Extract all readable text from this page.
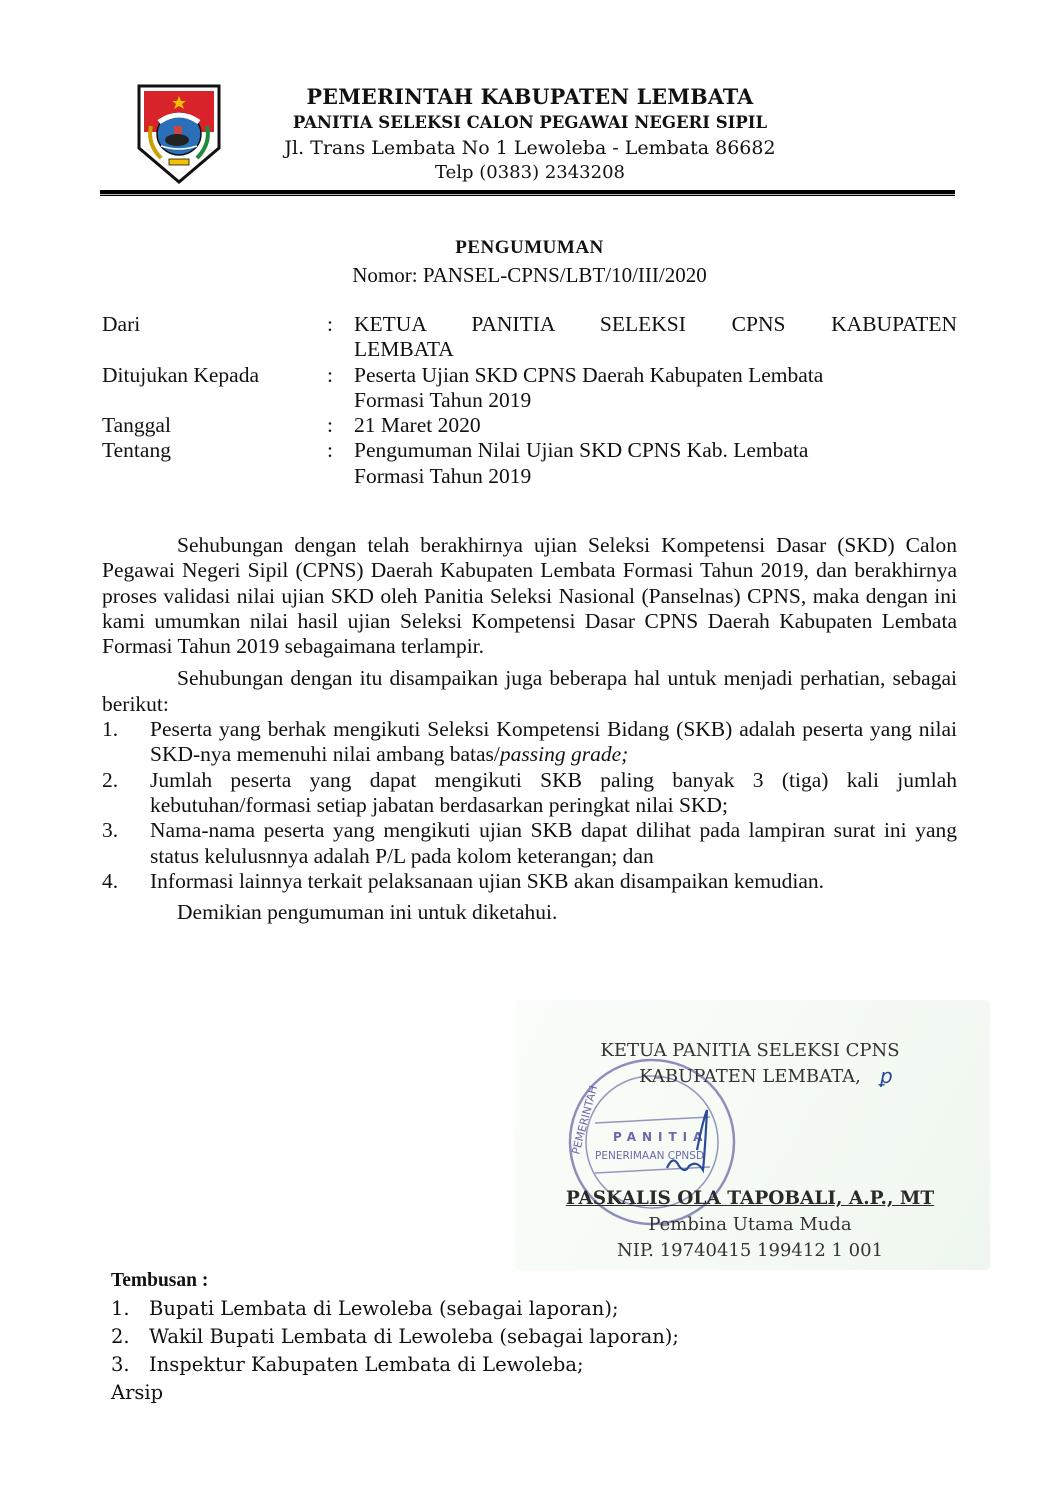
PEMERINTAH KABUPATEN LEMBATA
PANITIA SELEKSI CALON PEGAWAI NEGERI SIPIL
Jl. Trans Lembata No 1 Lewoleba - Lembata 86682
Telp (0383) 2343208
PENGUMUMAN
Nomor: PANSEL-CPNS/LBT/10/III/2020
Dari	: KETUA PANITIA SELEKSI CPNS KABUPATEN
LEMBATA
Ditujukan Kepada	: Peserta Ujian SKD CPNS Daerah Kabupaten Lembata
Formasi Tahun 2019
Tanggal	: 21 Maret 2020
Tentang	: Pengumuman Nilai Ujian SKD CPNS Kab. Lembata
Formasi Tahun 2019

Sehubungan dengan telah berakhirnya ujian Seleksi Kompetensi Dasar (SKD) Calon Pegawai Negeri Sipil (CPNS) Daerah Kabupaten Lembata Formasi Tahun 2019, dan berakhirnya proses validasi nilai ujian SKD oleh Panitia Seleksi Nasional (Panselnas) CPNS, maka dengan ini kami umumkan nilai hasil ujian Seleksi Kompetensi Dasar CPNS Daerah Kabupaten Lembata Formasi Tahun 2019 sebagaimana terlampir.

Sehubungan dengan itu disampaikan juga beberapa hal untuk menjadi perhatian, sebagai berikut:

1.	Peserta yang berhak mengikuti Seleksi Kompetensi Bidang (SKB) adalah peserta yang nilai SKD-nya memenuhi nilai ambang batas/passing grade;
2.	Jumlah peserta yang dapat mengikuti SKB paling banyak 3 (tiga) kali jumlah kebutuhan/formasi setiap jabatan berdasarkan peringkat nilai SKD;
3.	Nama-nama peserta yang mengikuti ujian SKB dapat dilihat pada lampiran surat ini yang status kelulusnnya adalah P/L pada kolom keterangan; dan
4.	Informasi lainnya terkait pelaksanaan ujian SKB akan disampaikan kemudian.

Demikian pengumuman ini untuk diketahui.

PANITIA
PENERIMAAN CPNSD
PEMERINTAH
KETUA PANITIA SELEKSI CPNS
KABUPATEN LEMBATA, ꝑ
PASKALIS OLA TAPOBALI, A.P., MT
Pembina Utama Muda
NIP. 19740415 199412 1 001
Tembusan :
1. Bupati Lembata di Lewoleba (sebagai laporan);
2. Wakil Bupati Lembata di Lewoleba (sebagai laporan);
3. Inspektur Kabupaten Lembata di Lewoleba;
Arsip
